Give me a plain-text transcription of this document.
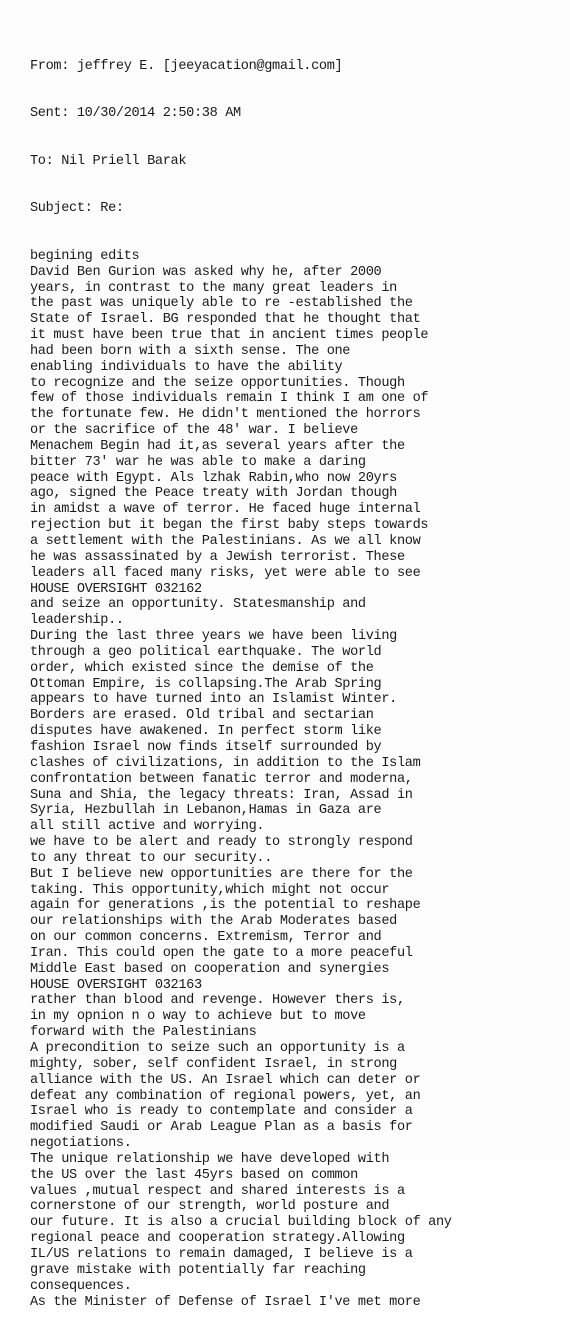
From: jeffrey E. [jeeyacation@gmail.com]

Sent: 10/30/2014 2:50:38 AM

To: Nil Priell Barak

Subject: Re:

begining edits
David Ben Gurion was asked why he, after 2000
years, in contrast to the many great leaders in
the past was uniquely able to re -established the
State of Israel. BG responded that he thought that
it must have been true that in ancient times people
had been born with a sixth sense. The one
enabling individuals to have the ability
to recognize and the seize opportunities. Though
few of those individuals remain I think I am one of
the fortunate few. He didn't mentioned the horrors
or the sacrifice of the 48' war. I believe
Menachem Begin had it,as several years after the
bitter 73' war he was able to make a daring
peace with Egypt. Als lzhak Rabin,who now 20yrs
ago, signed the Peace treaty with Jordan though
in amidst a wave of terror. He faced huge internal
rejection but it began the first baby steps towards
a settlement with the Palestinians. As we all know
he was assassinated by a Jewish terrorist. These
leaders all faced many risks, yet were able to see
HOUSE OVERSIGHT 032162
and seize an opportunity. Statesmanship and
leadership..
During the last three years we have been living
through a geo political earthquake. The world
order, which existed since the demise of the
Ottoman Empire, is collapsing.The Arab Spring
appears to have turned into an Islamist Winter.
Borders are erased. Old tribal and sectarian
disputes have awakened. In perfect storm like
fashion Israel now finds itself surrounded by
clashes of civilizations, in addition to the Islam
confrontation between fanatic terror and moderna,
Suna and Shia, the legacy threats: Iran, Assad in
Syria, Hezbullah in Lebanon,Hamas in Gaza are
all still active and worrying.
we have to be alert and ready to strongly respond
to any threat to our security..
But I believe new opportunities are there for the
taking. This opportunity,which might not occur
again for generations ,is the potential to reshape
our relationships with the Arab Moderates based
on our common concerns. Extremism, Terror and
Iran. This could open the gate to a more peaceful
Middle East based on cooperation and synergies
HOUSE OVERSIGHT 032163
rather than blood and revenge. However thers is,
in my opnion n o way to achieve but to move
forward with the Palestinians
A precondition to seize such an opportunity is a
mighty, sober, self confident Israel, in strong
alliance with the US. An Israel which can deter or
defeat any combination of regional powers, yet, an
Israel who is ready to contemplate and consider a
modified Saudi or Arab League Plan as a basis for
negotiations.
The unique relationship we have developed with
the US over the last 45yrs based on common
values ,mutual respect and shared interests is a
cornerstone of our strength, world posture and
our future. It is also a crucial building block of any
regional peace and cooperation strategy.Allowing
IL/US relations to remain damaged, I believe is a
grave mistake with potentially far reaching
consequences.
As the Minister of Defense of Israel I've met more
